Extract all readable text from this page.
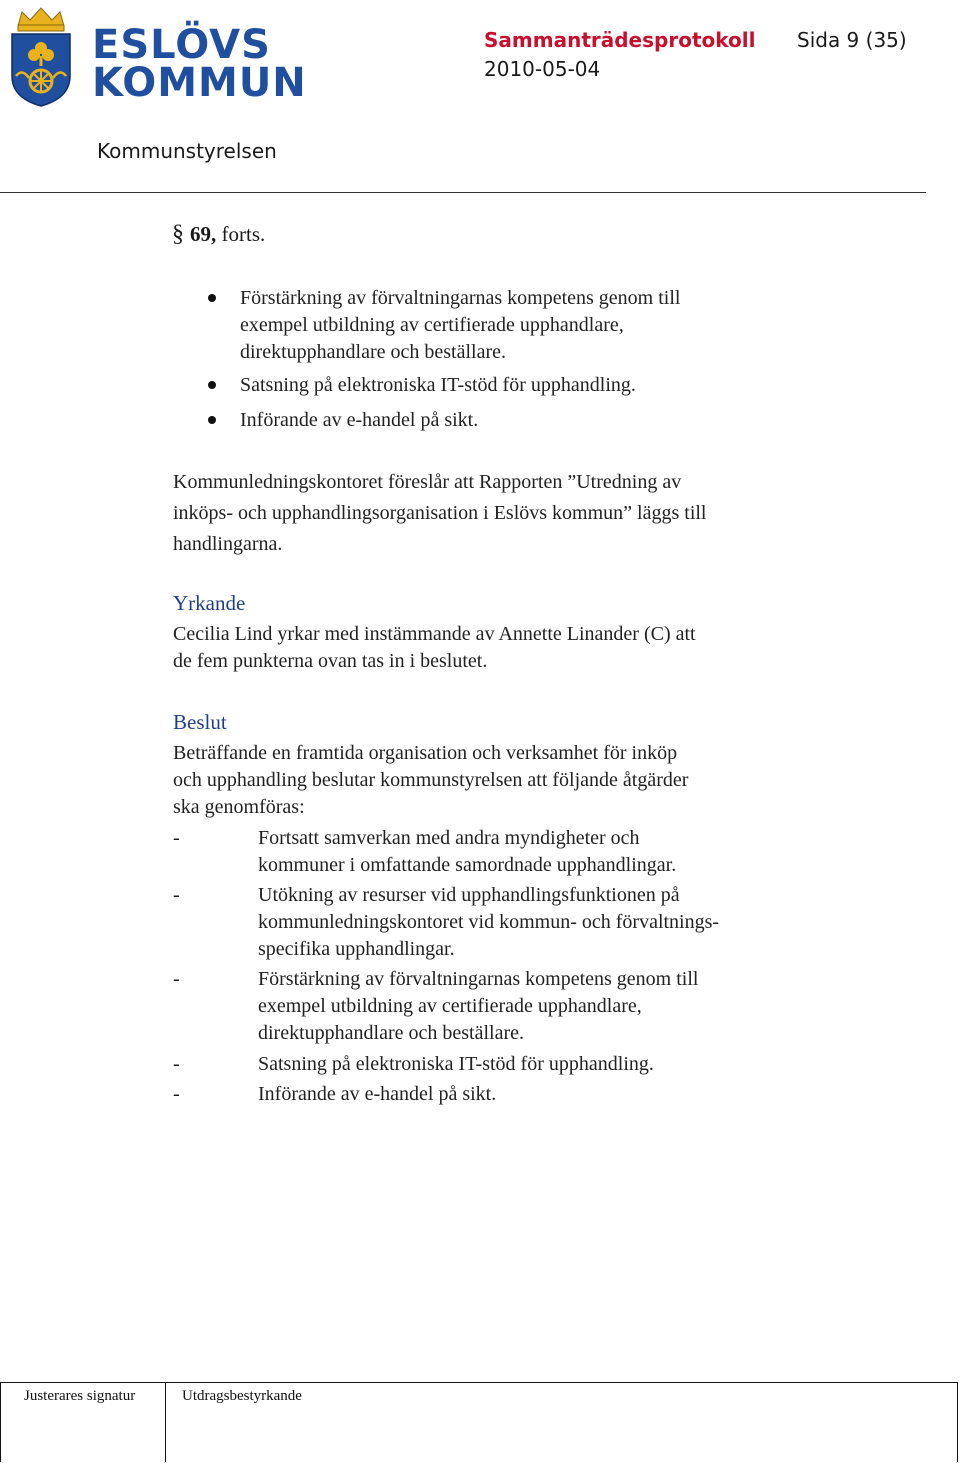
ESLÖVS
KOMMUN
Sammanträdesprotokoll Sida 9 (35)
2010-05-04
Kommunstyrelsen
§ 69, forts.
Förstärkning av förvaltningarnas kompetens genom till
exempel utbildning av certifierade upphandlare,
direktupphandlare och beställare.
Satsning på elektroniska IT-stöd för upphandling.
Införande av e-handel på sikt.
Kommunledningskontoret föreslår att Rapporten ”Utredning av
inköps- och upphandlingsorganisation i Eslövs kommun” läggs till
handlingarna.
Yrkande
Cecilia Lind yrkar med instämmande av Annette Linander (C) att
de fem punkterna ovan tas in i beslutet.
Beslut
Beträffande en framtida organisation och verksamhet för inköp
och upphandling beslutar kommunstyrelsen att följande åtgärder
ska genomföras:
-	Fortsatt samverkan med andra myndigheter och
kommuner i omfattande samordnade upphandlingar.
-	Utökning av resurser vid upphandlingsfunktionen på
kommunledningskontoret vid kommun- och förvaltnings-
specifika upphandlingar.
-	Förstärkning av förvaltningarnas kompetens genom till
exempel utbildning av certifierade upphandlare,
direktupphandlare och beställare.
-	Satsning på elektroniska IT-stöd för upphandling.
-	Införande av e-handel på sikt.
Justerares signatur	Utdragsbestyrkande
